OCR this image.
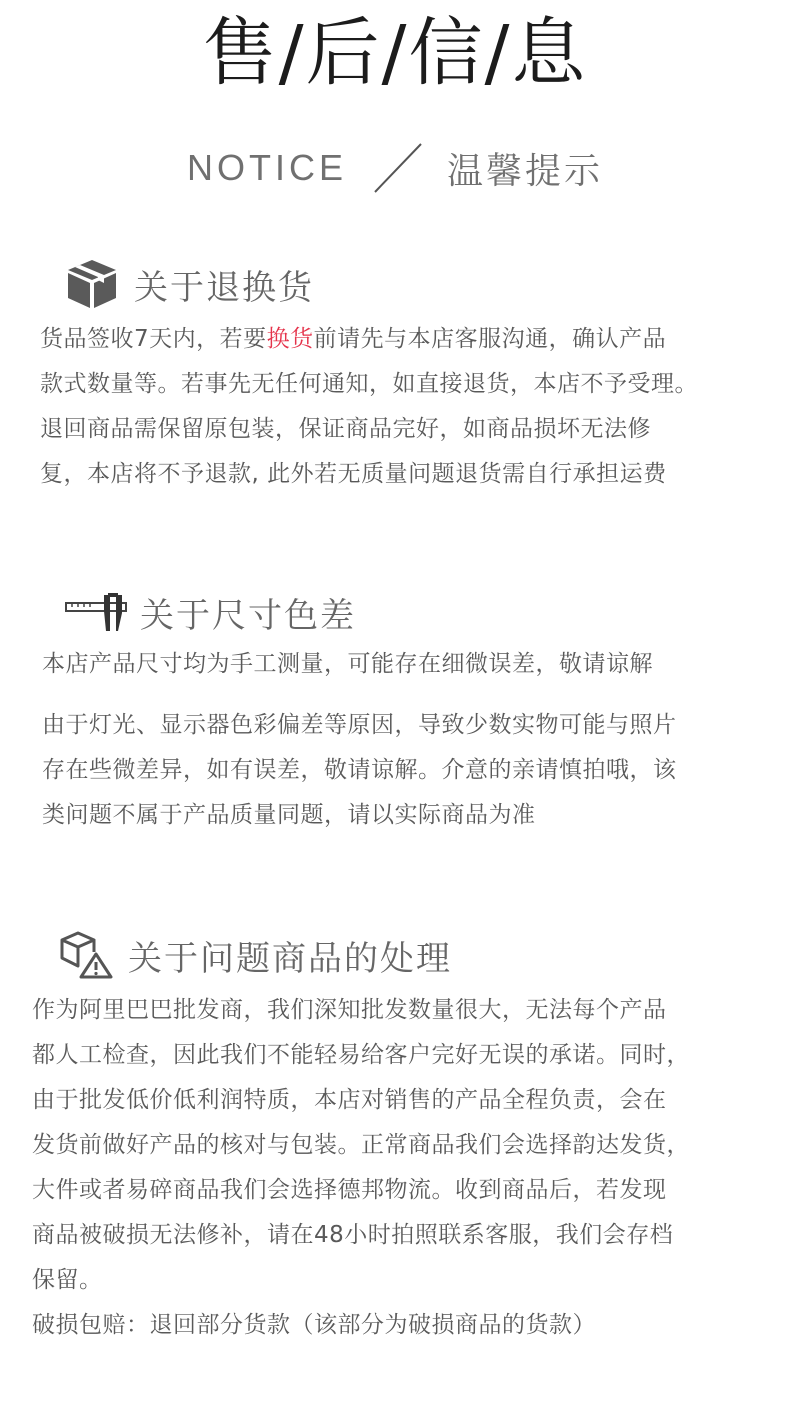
售/后/信/息
NOTICE	温馨提示
关于退换货

货品签收7天内，若要换货前请先与本店客服沟通，确认产品
款式数量等。若事先无任何通知，如直接退货，本店不予受理。
退回商品需保留原包装，保证商品完好，如商品损坏无法修
复，本店将不予退款, 此外若无质量问题退货需自行承担运费

关于尺寸色差

本店产品尺寸均为手工测量，可能存在细微误差，敬请谅解

由于灯光、显示器色彩偏差等原因，导致少数实物可能与照片
存在些微差异，如有误差，敬请谅解。介意的亲请慎拍哦，该
类问题不属于产品质量同题，请以实际商品为准

关于问题商品的处理

作为阿里巴巴批发商，我们深知批发数量很大，无法每个产品
都人工检查，因此我们不能轻易给客户完好无误的承诺。同时，
由于批发低价低利润特质，本店对销售的产品全程负责，会在
发货前做好产品的核对与包装。正常商品我们会选择韵达发货，
大件或者易碎商品我们会选择德邦物流。收到商品后，若发现
商品被破损无法修补，请在48小时拍照联系客服，我们会存档
保留。
破损包赔：退回部分货款（该部分为破损商品的货款）
